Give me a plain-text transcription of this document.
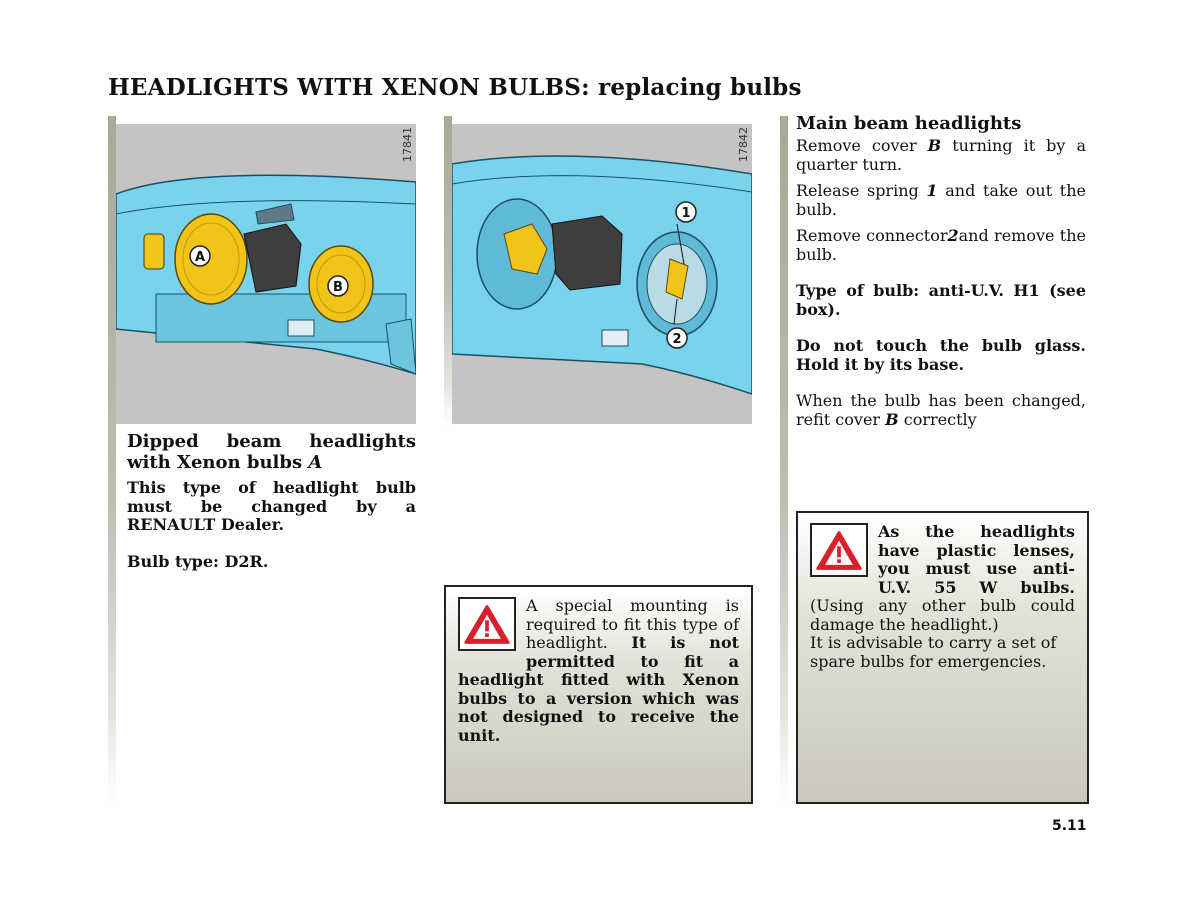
HEADLIGHTS WITH XENON BULBS: replacing bulbs
A
B
17841
1
2
17842
Dipped beam headlights with Xenon bulbs A
This type of headlight bulb must be changed by a RENAULT Dealer.
Bulb type: D2R.
A special mounting is required to fit this type of headlight. It is not permitted to fit a headlight fitted with Xenon bulbs to a version which was not designed to receive the unit.
Main beam headlights
Remove cover B turning it by a quarter turn.
Release spring 1 and take out the bulb.
Remove connector2and remove the bulb.
Type of bulb: anti-U.V. H1 (see box).
Do not touch the bulb glass. Hold it by its base.
When the bulb has been changed, refit cover B correctly
As the headlights have plastic lenses, you must use anti-U.V. 55 W bulbs. (Using any other bulb could damage the headlight.)
It is advisable to carry a set of spare bulbs for emergencies.
5.11
